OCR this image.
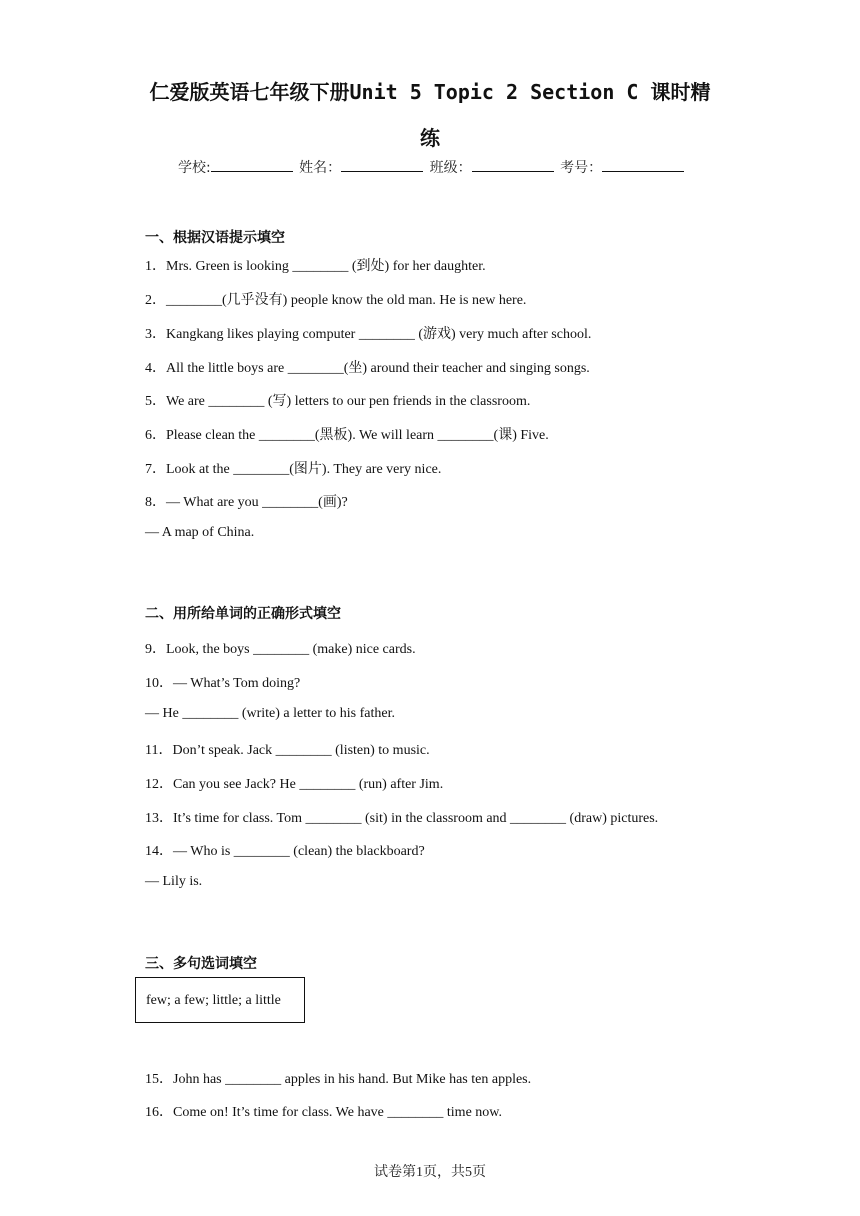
仁爱版英语七年级下册Unit 5 Topic 2 Section C 课时精
练
学校:	姓名：	班级：	考号：
一、根据汉语提示填空
1．Mrs. Green is looking ________ (到处) for her daughter.
2．________(几乎没有) people know the old man. He is new here.
3．Kangkang likes playing computer ________ (游戏) very much after school.
4．All the little boys are ________(坐) around their teacher and singing songs.
5．We are ________ (写) letters to our pen friends in the classroom.
6．Please clean the ________(黑板). We will learn ________(课) Five.
7．Look at the ________(图片). They are very nice.
8．— What are you ________(画)?
— A map of China.
二、用所给单词的正确形式填空
9．Look, the boys ________ (make) nice cards.
10．— What’s Tom doing?
— He ________ (write) a letter to his father.
11．Don’t speak. Jack ________ (listen) to music.
12．Can you see Jack? He ________ (run) after Jim.
13．It’s time for class. Tom ________ (sit) in the classroom and ________ (draw) pictures.
14．— Who is ________ (clean) the blackboard?
— Lily is.
三、多句选词填空
few; a few; little; a little
15．John has ________ apples in his hand. But Mike has ten apples.
16．Come on! It’s time for class. We have ________ time now.
试卷第1页，共5页
